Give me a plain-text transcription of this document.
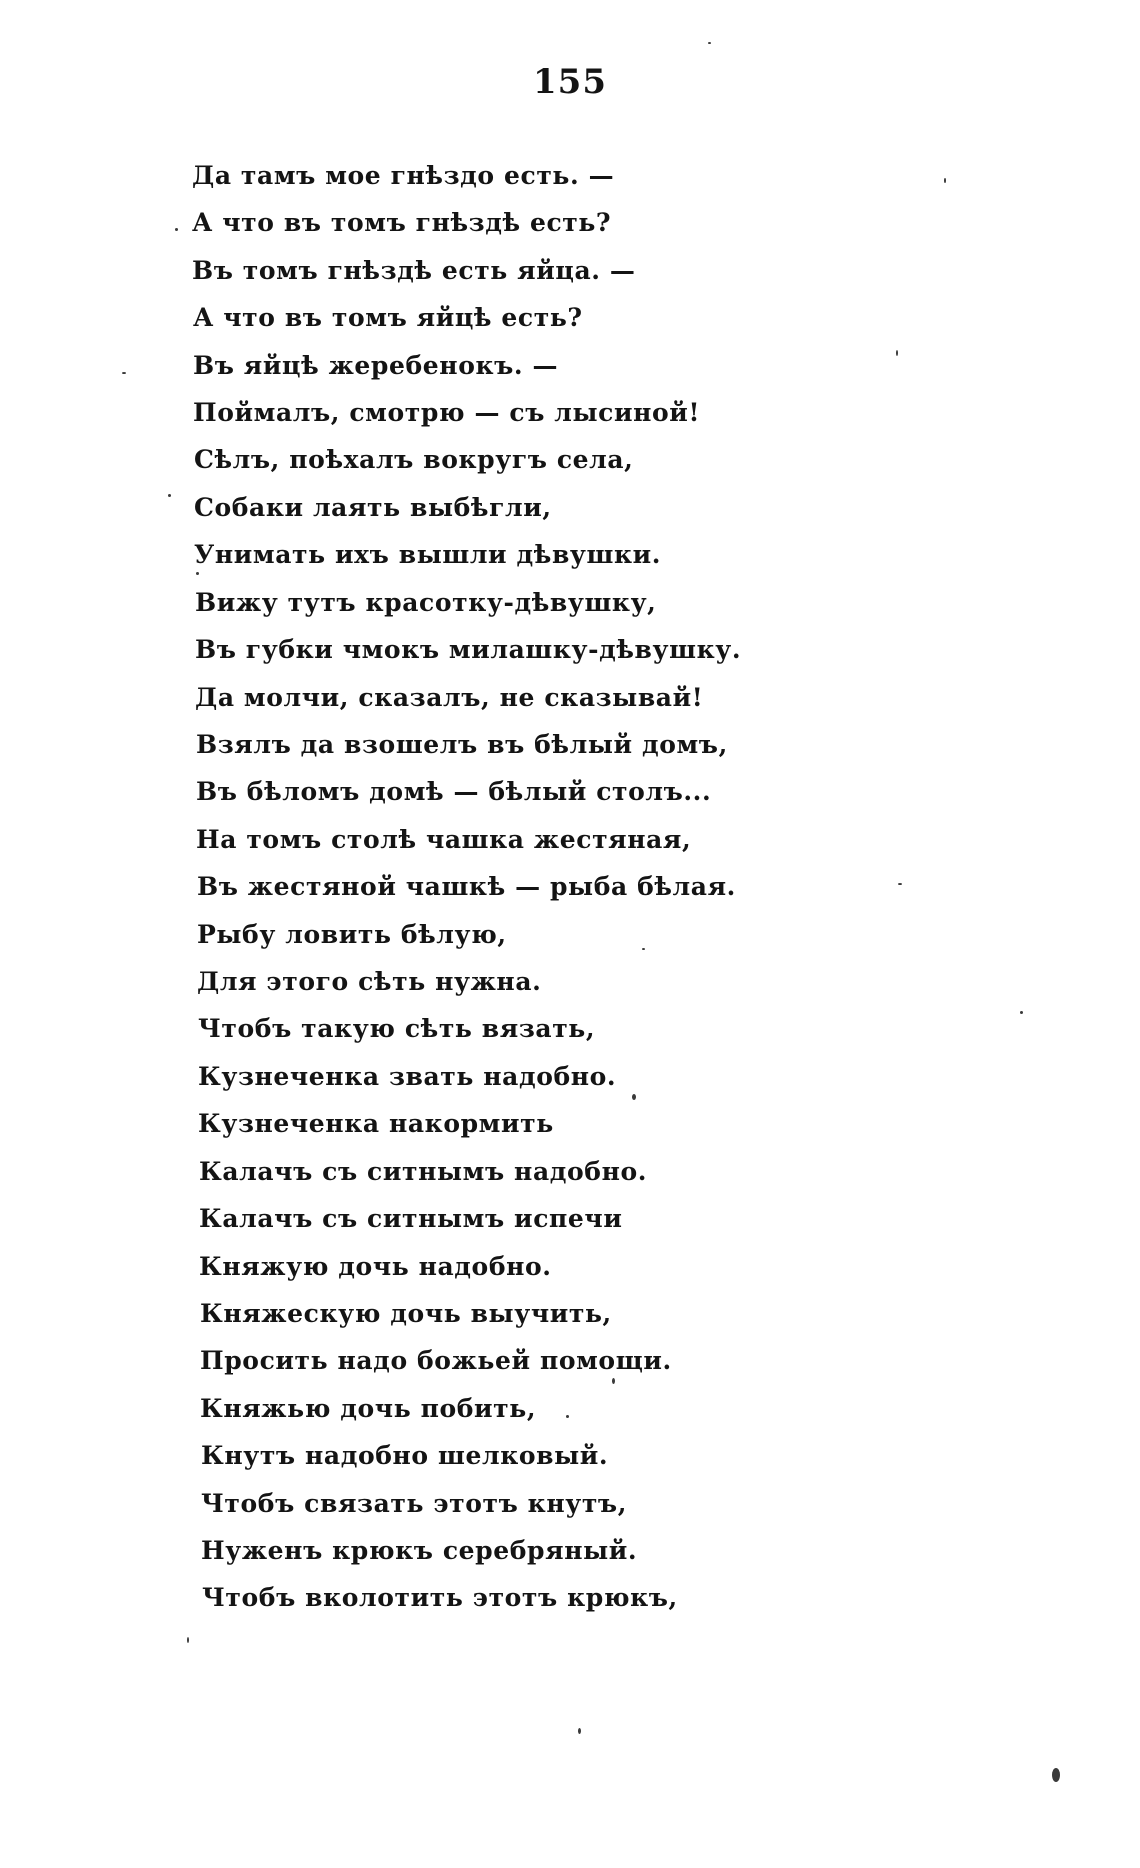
155
Да тамъ мое гнѣздо есть. —
А что въ томъ гнѣздѣ есть?
Въ томъ гнѣздѣ есть яйца. —
А что въ томъ яйцѣ есть?
Въ яйцѣ жеребенокъ. —
Поймалъ, смотрю — съ лысиной!
Сѣлъ, поѣхалъ вокругъ села,
Собаки лаять выбѣгли,
Унимать ихъ вышли дѣвушки.
Вижу тутъ красотку-дѣвушку,
Въ губки чмокъ милашку-дѣвушку.
Да молчи, сказалъ, не сказывай!
Взялъ да взошелъ въ бѣлый домъ,
Въ бѣломъ домѣ — бѣлый столъ...
На томъ столѣ чашка жестяная,
Въ жестяной чашкѣ — рыба бѣлая.
Рыбу ловить бѣлую,
Для этого сѣть нужна.
Чтобъ такую сѣть вязать,
Кузнеченка звать надобно.
Кузнеченка накормить
Калачъ съ ситнымъ надобно.
Калачъ съ ситнымъ испечи
Княжую дочь надобно.
Княжескую дочь выучить,
Просить надо божьей помощи.
Княжью дочь побить,
Кнутъ надобно шелковый.
Чтобъ связать этотъ кнутъ,
Нуженъ крюкъ серебряный.
Чтобъ вколотить этотъ крюкъ,
